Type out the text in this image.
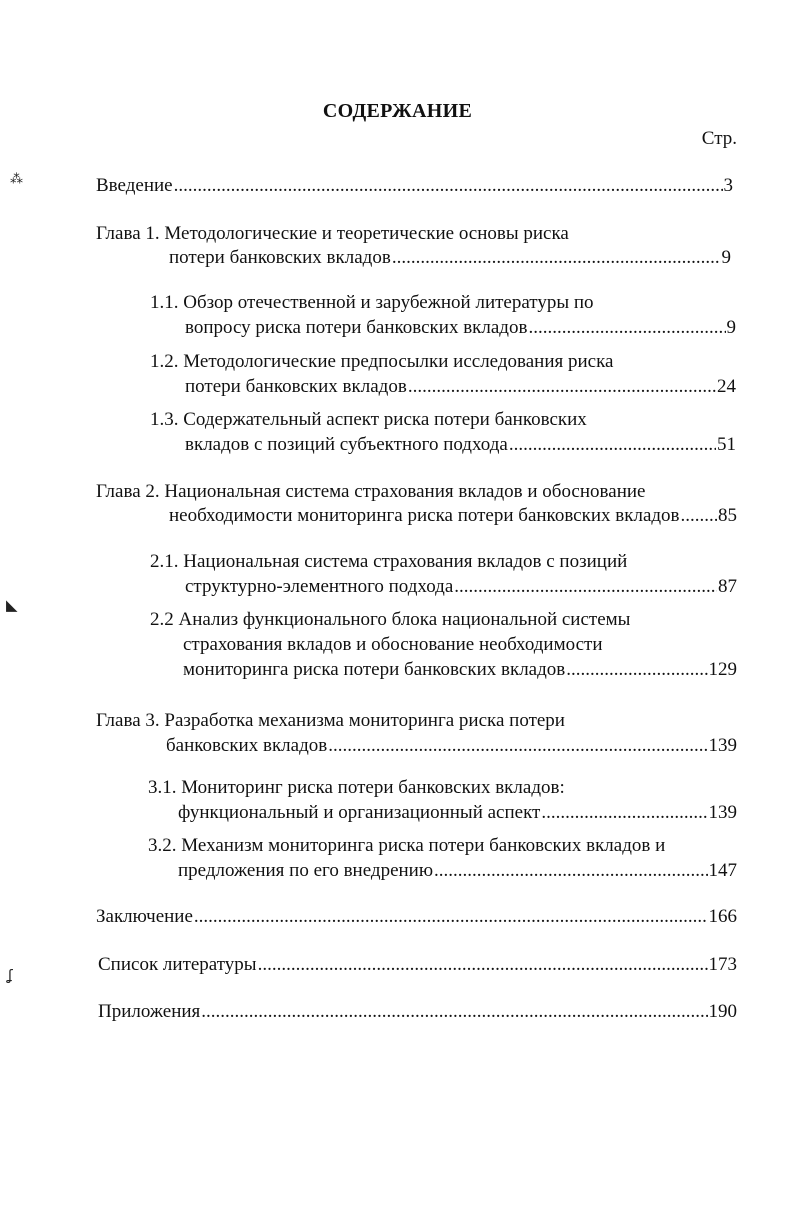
СОДЕРЖАНИЕ
Стр.
⁂
◣
ʆ
Введение .....	3
Глава 1. Методологические и теоретические основы риска
потери банковских вкладов .....	9
1.1. Обзор отечественной и зарубежной литературы по
вопросу риска потери банковских вкладов .....	9
1.2. Методологические предпосылки исследования риска
потери банковских вкладов .....	24
1.3. Содержательный аспект риска потери банковских
вкладов с позиций субъектного подхода .....	51
Глава 2. Национальная система страхования вкладов и обоснование
необходимости мониторинга риска потери банковских вкладов ..... 85
2.1. Национальная система страхования вкладов с позиций
структурно-элементного подхода .....	87
2.2 Анализ функционального блока национальной системы
страхования вкладов и обоснование необходимости
мониторинга риска потери банковских вкладов .....	129
Глава 3. Разработка механизма мониторинга риска потери
банковских вкладов .....	139
3.1. Мониторинг риска потери банковских вкладов:
функциональный и организационный аспект .....	139
3.2. Механизм мониторинга риска потери банковских вкладов и
предложения по его внедрению .....	147
Заключение .....	166
Список литературы .....	173
Приложения .....	190
